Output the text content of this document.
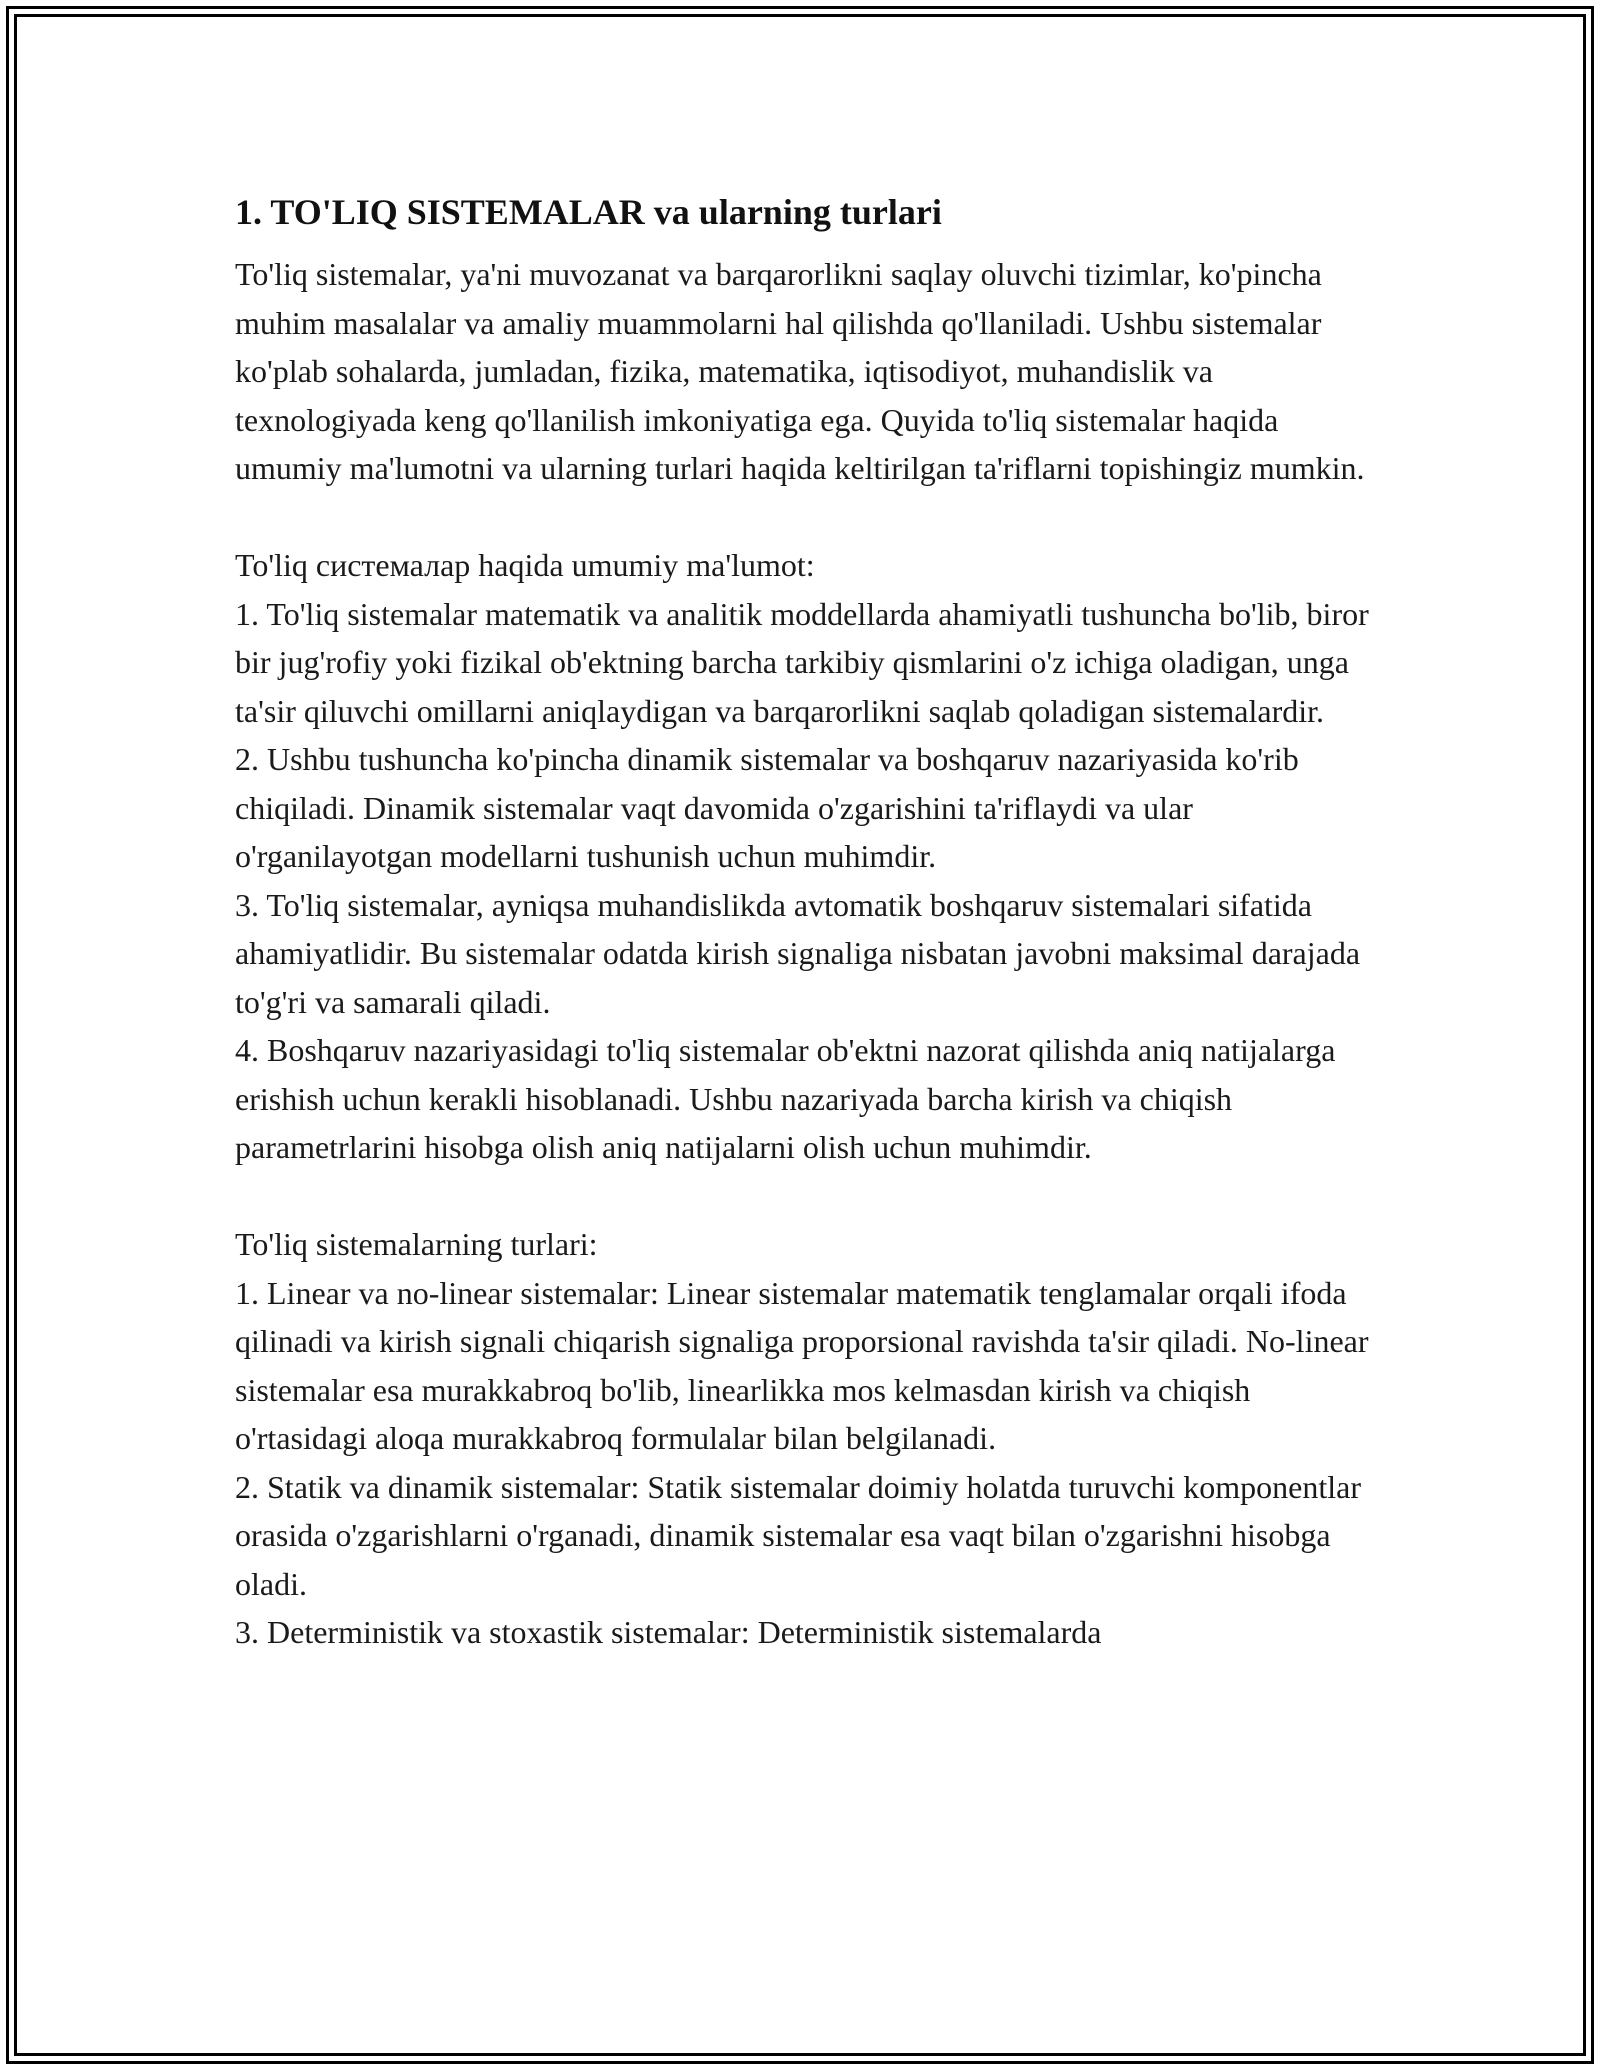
1. TO'LIQ SISTEMALAR va ularning turlari

To'liq sistemalar, ya'ni muvozanat va barqarorlikni saqlay oluvchi tizimlar, ko'pincha muhim masalalar va amaliy muammolarni hal qilishda qo'llaniladi. Ushbu sistemalar ko'plab sohalarda, jumladan, fizika, matematika, iqtisodiyot, muhandislik va texnologiyada keng qo'llanilish imkoniyatiga ega. Quyida to'liq sistemalar haqida umumiy ma'lumotni va ularning turlari haqida keltirilgan ta'riflarni topishingiz mumkin.

To'liq системалар haqida umumiy ma'lumot:
1. To'liq sistemalar matematik va analitik moddellarda ahamiyatli tushuncha bo'lib, biror bir jug'rofiy yoki fizikal ob'ektning barcha tarkibiy qismlarini o'z ichiga oladigan, unga ta'sir qiluvchi omillarni aniqlaydigan va barqarorlikni saqlab qoladigan sistemalardir.
2. Ushbu tushuncha ko'pincha dinamik sistemalar va boshqaruv nazariyasida ko'rib chiqiladi. Dinamik sistemalar vaqt davomida o'zgarishini ta'riflaydi va ular o'rganilayotgan modellarni tushunish uchun muhimdir.
3. To'liq sistemalar, ayniqsa muhandislikda avtomatik boshqaruv sistemalari sifatida ahamiyatlidir. Bu sistemalar odatda kirish signaliga nisbatan javobni maksimal darajada to'g'ri va samarali qiladi.
4. Boshqaruv nazariyasidagi to'liq sistemalar ob'ektni nazorat qilishda aniq natijalarga erishish uchun kerakli hisoblanadi. Ushbu nazariyada barcha kirish va chiqish parametrlarini hisobga olish aniq natijalarni olish uchun muhimdir.
To'liq sistemalarning turlari:
1. Linear va no-linear sistemalar: Linear sistemalar matematik tenglamalar orqali ifoda qilinadi va kirish signali chiqarish signaliga proporsional ravishda ta'sir qiladi. No-linear sistemalar esa murakkabroq bo'lib, linearlikka mos kelmasdan kirish va chiqish o'rtasidagi aloqa murakkabroq formulalar bilan belgilanadi.
2. Statik va dinamik sistemalar: Statik sistemalar doimiy holatda turuvchi komponentlar orasida o'zgarishlarni o'rganadi, dinamik sistemalar esa vaqt bilan o'zgarishni hisobga oladi.
3. Deterministik va stoxastik sistemalar: Deterministik sistemalarda
